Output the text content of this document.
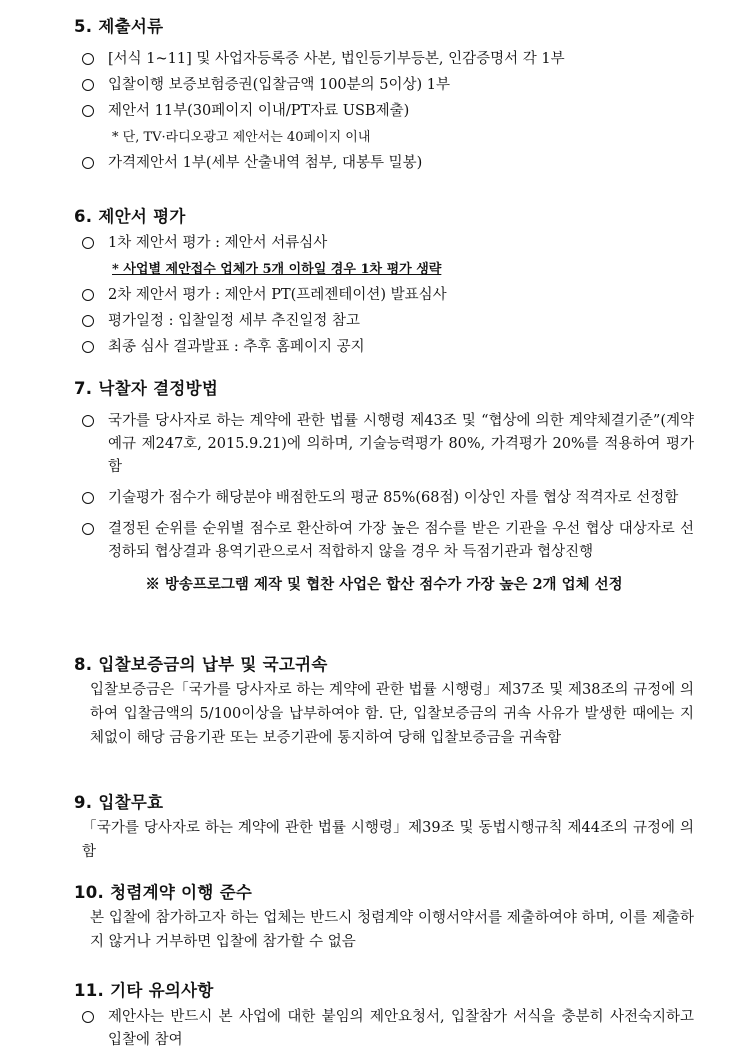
5. 제출서류
[서식 1~11] 및 사업자등록증 사본, 법인등기부등본, 인감증명서 각 1부
입찰이행 보증보험증권(입찰금액 100분의 5이상) 1부
제안서 11부(30페이지 이내/PT자료 USB제출)
* 단, TV·라디오광고 제안서는 40페이지 이내
가격제안서 1부(세부 산출내역 첨부, 대봉투 밀봉)
6. 제안서 평가
1차 제안서 평가 : 제안서 서류심사
* 사업별 제안접수 업체가 5개 이하일 경우 1차 평가 생략
2차 제안서 평가 : 제안서 PT(프레젠테이션) 발표심사
평가일정 : 입찰일정 세부 추진일정 참고
최종 심사 결과발표 : 추후 홈페이지 공지
7. 낙찰자 결정방법
국가를 당사자로 하는 계약에 관한 법률 시행령 제43조 및 “협상에 의한 계약체결기준”(계약예규 제247호, 2015.9.21)에 의하며, 기술능력평가 80%, 가격평가 20%를 적용하여 평가함
기술평가 점수가 해당분야 배점한도의 평균 85%(68점) 이상인 자를 협상 적격자로 선정함
결정된 순위를 순위별 점수로 환산하여 가장 높은 점수를 받은 기관을 우선 협상 대상자로 선정하되 협상결과 용역기관으로서 적합하지 않을 경우 차 득점기관과 협상진행
※ 방송프로그램 제작 및 협찬 사업은 합산 점수가 가장 높은 2개 업체 선정
8. 입찰보증금의 납부 및 국고귀속
입찰보증금은「국가를 당사자로 하는 계약에 관한 법률 시행령」제37조 및 제38조의 규정에 의하여 입찰금액의 5/100이상을 납부하여야 함. 단, 입찰보증금의 귀속 사유가 발생한 때에는 지체없이 해당 금융기관 또는 보증기관에 통지하여 당해 입찰보증금을 귀속함
9. 입찰무효
「국가를 당사자로 하는 계약에 관한 법률 시행령」제39조 및 동법시행규칙 제44조의 규정에 의함
10. 청렴계약 이행 준수
본 입찰에 참가하고자 하는 업체는 반드시 청렴계약 이행서약서를 제출하여야 하며, 이를 제출하지 않거나 거부하면 입찰에 참가할 수 없음
11. 기타 유의사항
제안사는 반드시 본 사업에 대한 붙임의 제안요청서, 입찰참가 서식을 충분히 사전숙지하고 입찰에 참여
